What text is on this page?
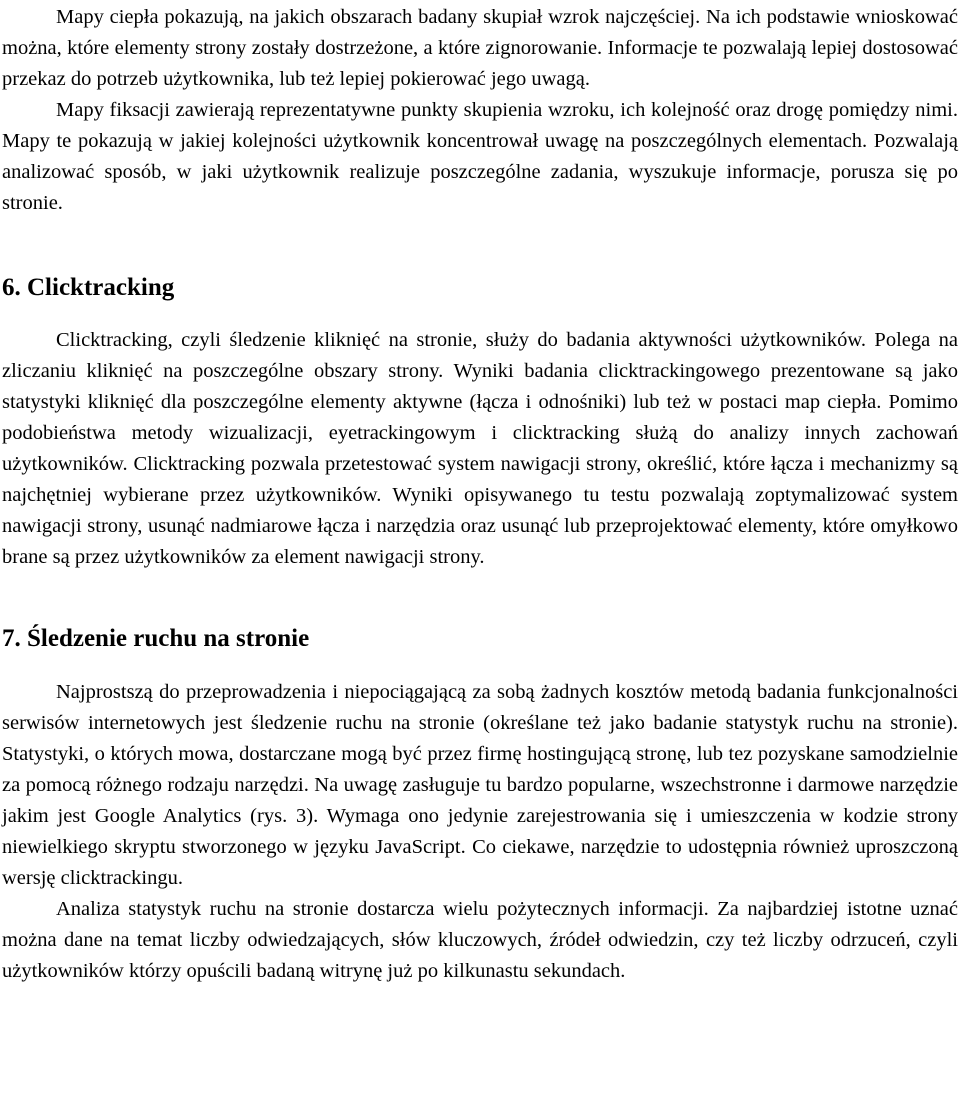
Mapy ciepła pokazują, na jakich obszarach badany skupiał wzrok najczęściej. Na ich podstawie wnioskować można, które elementy strony zostały dostrzeżone, a które zignorowanie. Informacje te pozwalają lepiej dostosować przekaz do potrzeb użytkownika, lub też lepiej pokierować jego uwagą.

Mapy fiksacji zawierają reprezentatywne punkty skupienia wzroku, ich kolejność oraz drogę pomiędzy nimi. Mapy te pokazują w jakiej kolejności użytkownik koncentrował uwagę na poszczególnych elementach. Pozwalają analizować sposób, w jaki użytkownik realizuje poszczególne zadania, wyszukuje informacje, porusza się po stronie.

6. Clicktracking

Clicktracking, czyli śledzenie kliknięć na stronie, służy do badania aktywności użytkowników. Polega na zliczaniu kliknięć na poszczególne obszary strony. Wyniki badania clicktrackingowego prezentowane są jako statystyki kliknięć dla poszczególne elementy aktywne (łącza i odnośniki) lub też w postaci map ciepła. Pomimo podobieństwa metody wizualizacji, eyetrackingowym i clicktracking służą do analizy innych zachowań użytkowników. Clicktracking pozwala przetestować system nawigacji strony, określić, które łącza i mechanizmy są najchętniej wybierane przez użytkowników. Wyniki opisywanego tu testu pozwalają zoptymalizować system nawigacji strony, usunąć nadmiarowe łącza i narzędzia oraz usunąć lub przeprojektować elementy, które omyłkowo brane są przez użytkowników za element nawigacji strony.

7. Śledzenie ruchu na stronie

Najprostszą do przeprowadzenia i niepociągającą za sobą żadnych kosztów metodą badania funkcjonalności serwisów internetowych jest śledzenie ruchu na stronie (określane też jako badanie statystyk ruchu na stronie). Statystyki, o których mowa, dostarczane mogą być przez firmę hostingującą stronę, lub tez pozyskane samodzielnie za pomocą różnego rodzaju narzędzi. Na uwagę zasługuje tu bardzo popularne, wszechstronne i darmowe narzędzie jakim jest Google Analytics (rys. 3). Wymaga ono jedynie zarejestrowania się i umieszczenia w kodzie strony niewielkiego skryptu stworzonego w języku JavaScript. Co ciekawe, narzędzie to udostępnia również uproszczoną wersję clicktrackingu.

Analiza statystyk ruchu na stronie dostarcza wielu pożytecznych informacji. Za najbardziej istotne uznać można dane na temat liczby odwiedzających, słów kluczowych, źródeł odwiedzin, czy też liczby odrzuceń, czyli użytkowników którzy opuścili badaną witrynę już po kilkunastu sekundach.
